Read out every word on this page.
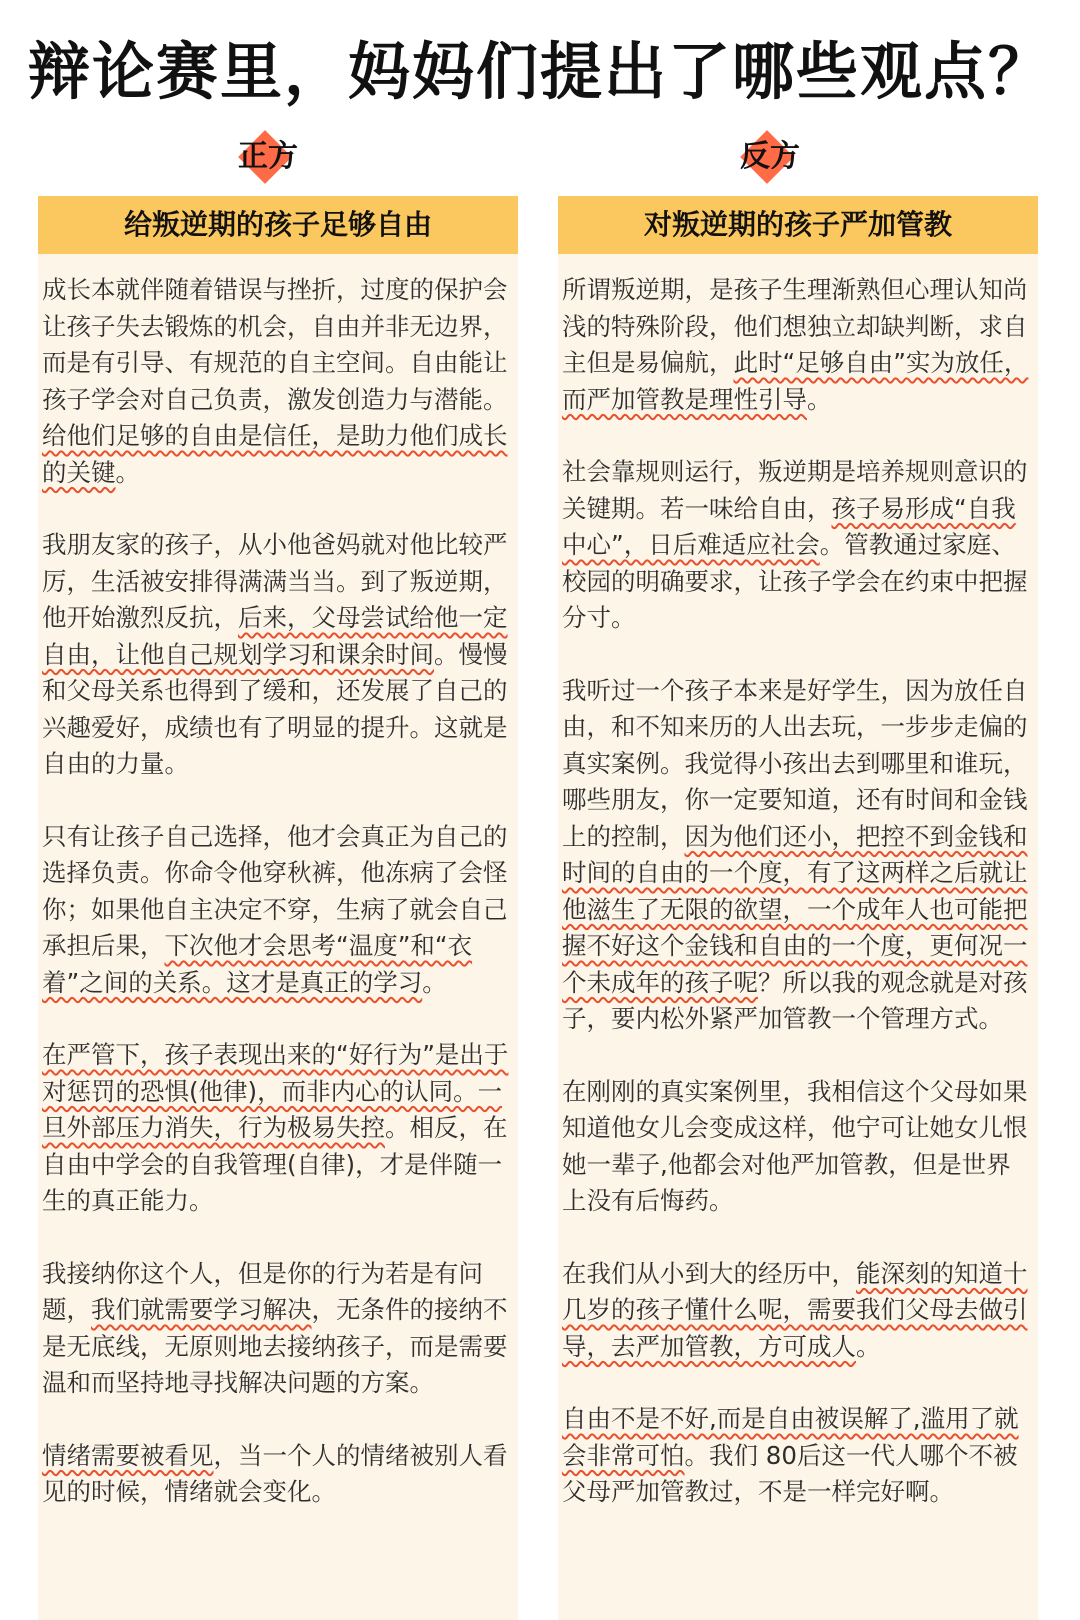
辩论赛里，妈妈们提出了哪些观点？
正方	反方
给叛逆期的孩子足够自由

成长本就伴随着错误与挫折，过度的保护会让孩子失去锻炼的机会，自由并非无边界，而是有引导、有规范的自主空间。自由能让孩子学会对自己负责，激发创造力与潜能。给他们足够的自由是信任，是助力他们成长的关键。

我朋友家的孩子，从小他爸妈就对他比较严厉，生活被安排得满满当当。到了叛逆期，他开始激烈反抗，后来，父母尝试给他一定自由，让他自己规划学习和课余时间。慢慢和父母关系也得到了缓和，还发展了自己的兴趣爱好，成绩也有了明显的提升。这就是自由的力量。

只有让孩子自己选择，他才会真正为自己的选择负责。你命令他穿秋裤，他冻病了会怪你；如果他自主决定不穿，生病了就会自己承担后果，下次他才会思考“温度”和“衣着”之间的关系。这才是真正的学习。

在严管下，孩子表现出来的“好行为”是出于对惩罚的恐惧(他律)，而非内心的认同。一旦外部压力消失，行为极易失控。相反，在自由中学会的自我管理(自律)，才是伴随一生的真正能力。

我接纳你这个人，但是你的行为若是有问题，我们就需要学习解决，无条件的接纳不是无底线，无原则地去接纳孩子，而是需要温和而坚持地寻找解决问题的方案。

情绪需要被看见，当一个人的情绪被别人看见的时候，情绪就会变化。

对叛逆期的孩子严加管教

所谓叛逆期，是孩子生理渐熟但心理认知尚浅的特殊阶段，他们想独立却缺判断，求自主但是易偏航，此时“足够自由”实为放任，而严加管教是理性引导。

社会靠规则运行，叛逆期是培养规则意识的关键期。若一味给自由，孩子易形成“自我中心”，日后难适应社会。管教通过家庭、校园的明确要求，让孩子学会在约束中把握分寸。

我听过一个孩子本来是好学生，因为放任自由，和不知来历的人出去玩，一步步走偏的真实案例。我觉得小孩出去到哪里和谁玩，哪些朋友，你一定要知道，还有时间和金钱上的控制，因为他们还小，把控不到金钱和时间的自由的一个度，有了这两样之后就让他滋生了无限的欲望，一个成年人也可能把握不好这个金钱和自由的一个度，更何况一个未成年的孩子呢？所以我的观念就是对孩子，要内松外紧严加管教一个管理方式。

在刚刚的真实案例里，我相信这个父母如果知道他女儿会变成这样，他宁可让她女儿恨她一辈子,他都会对他严加管教，但是世界上没有后悔药。

在我们从小到大的经历中，能深刻的知道十几岁的孩子懂什么呢，需要我们父母去做引导，去严加管教，方可成人。

自由不是不好,而是自由被误解了,滥用了就会非常可怕。我们 80后这一代人哪个不被父母严加管教过，不是一样完好啊。
